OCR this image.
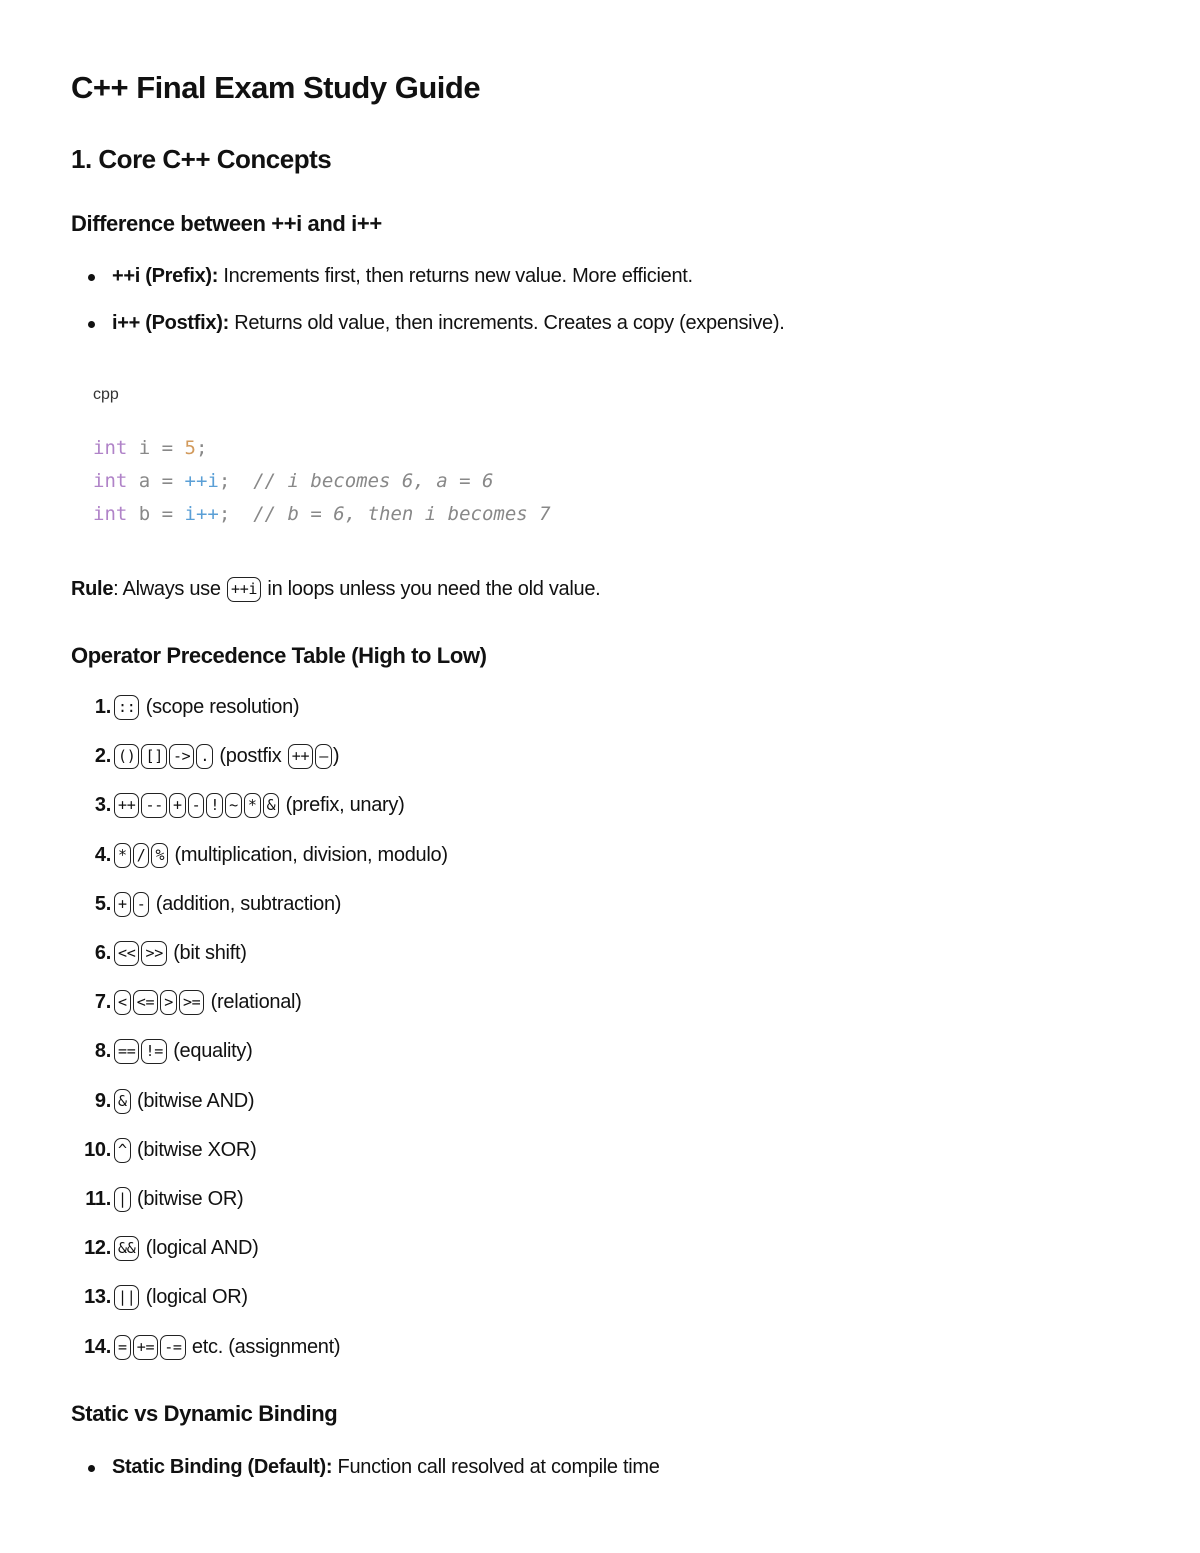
C++ Final Exam Study Guide
1. Core C++ Concepts
Difference between ++i and i++
++i (Prefix): Increments first, then returns new value. More efficient.
i++ (Postfix): Returns old value, then increments. Creates a copy (expensive).
cpp
int i = 5;
int a = ++i;  // i becomes 6, a = 6
int b = i++;  // b = 6, then i becomes 7
Rule: Always use ++i in loops unless you need the old value.
Operator Precedence Table (High to Low)
1. :: (scope resolution)
2. () [] -> . (postfix ++ — )
3. ++ -- + - ! ~ * & (prefix, unary)
4. * / % (multiplication, division, modulo)
5. + - (addition, subtraction)
6. << >> (bit shift)
7. < <= > >= (relational)
8. == != (equality)
9. & (bitwise AND)
10. ^ (bitwise XOR)
11. | (bitwise OR)
12. && (logical AND)
13. || (logical OR)
14. = += -= etc. (assignment)
Static vs Dynamic Binding
Static Binding (Default): Function call resolved at compile time
